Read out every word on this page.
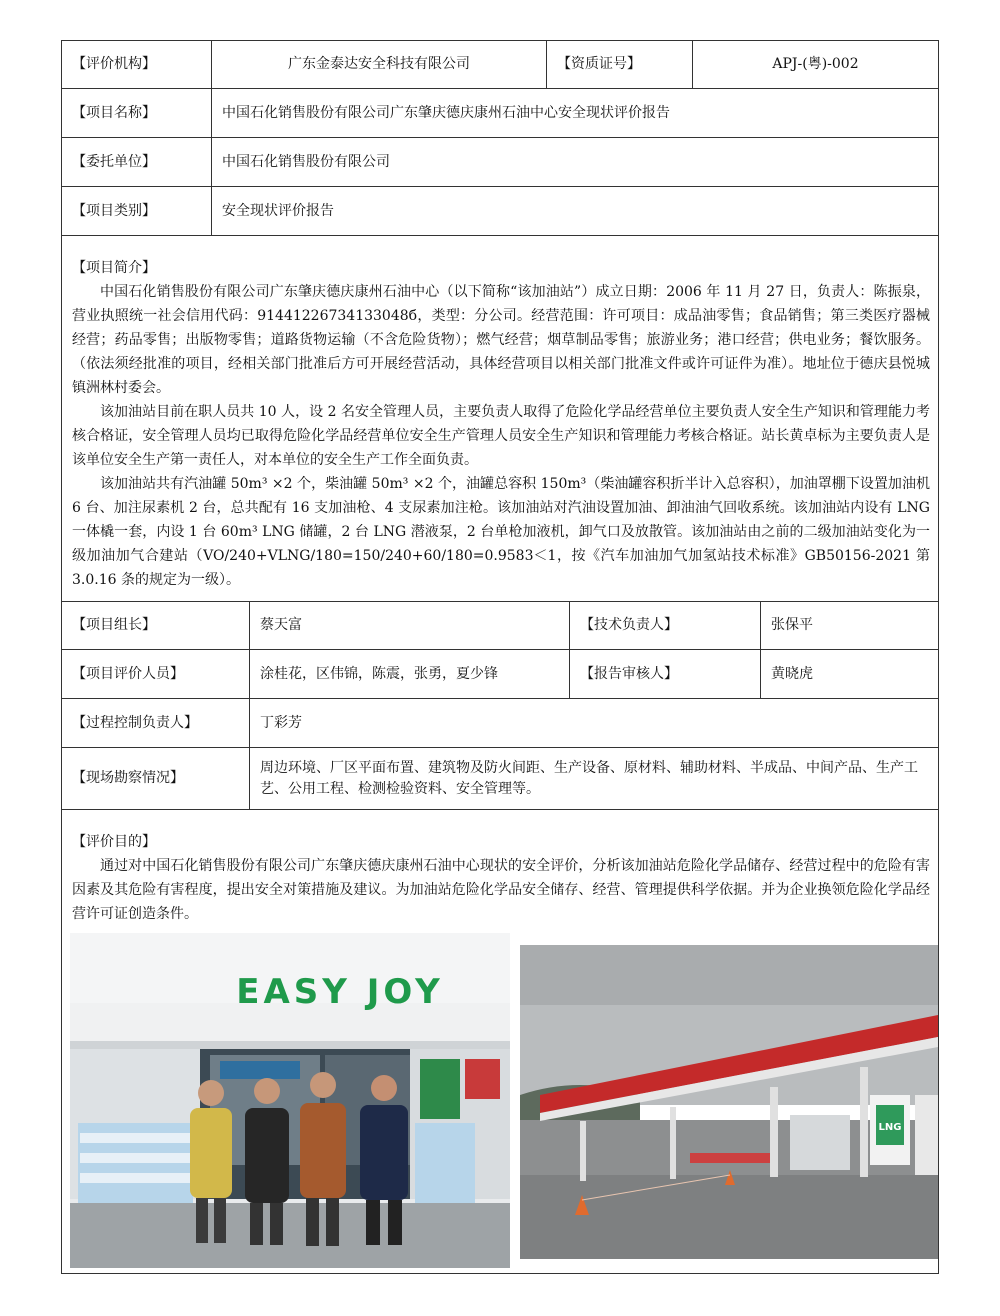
【评价机构】	广东金泰达安全科技有限公司	【资质证号】	APJ-(粤)-002
【项目名称】	中国石化销售股份有限公司广东肇庆德庆康州石油中心安全现状评价报告
【委托单位】	中国石化销售股份有限公司
【项目类别】	安全现状评价报告

【项目简介】

中国石化销售股份有限公司广东肇庆德庆康州石油中心（以下简称“该加油站”）成立日期：2006 年 11 月 27 日，负责人：陈振泉，营业执照统一社会信用代码：91441226734133048б，类型：分公司。经营范围：许可项目：成品油零售；食品销售；第三类医疗器械经营；药品零售；出版物零售；道路货物运输（不含危险货物）；燃气经营；烟草制品零售；旅游业务；港口经营；供电业务；餐饮服务。（依法须经批准的项目，经相关部门批准后方可开展经营活动，具体经营项目以相关部门批准文件或许可证件为准）。地址位于德庆县悦城镇洲林村委会。

该加油站目前在职人员共 10 人，设 2 名安全管理人员，主要负责人取得了危险化学品经营单位主要负责人安全生产知识和管理能力考核合格证，安全管理人员均已取得危险化学品经营单位安全生产管理人员安全生产知识和管理能力考核合格证。站长黄卓标为主要负责人是该单位安全生产第一责任人，对本单位的安全生产工作全面负责。

该加油站共有汽油罐 50m³ ×2 个，柴油罐 50m³ ×2 个，油罐总容积 150m³（柴油罐容积折半计入总容积），加油罩棚下设置加油机 6 台、加注尿素机 2 台，总共配有 16 支加油枪、4 支尿素加注枪。该加油站对汽油设置加油、卸油油气回收系统。该加油站内设有 LNG 一体橇一套，内设 1 台 60m³ LNG 储罐，2 台 LNG 潜液泵，2 台单枪加液机，卸气口及放散管。该加油站由之前的二级加油站变化为一级加油加气合建站（VO/240+VLNG/180=150/240+60/180=0.9583＜1，按《汽车加油加气加氢站技术标准》GB50156-2021 第 3.0.16 条的规定为一级）。

【项目组长】	蔡天富	【技术负责人】	张保平
【项目评价人员】	涂桂花，区伟锦，陈震，张勇，夏少锋	【报告审核人】	黄晓虎
【过程控制负责人】	丁彩芳
【现场勘察情况】
周边环境、厂区平面布置、建筑物及防火间距、生产设备、原材料、辅助材料、半成品、中间产品、生产工艺、公用工程、检测检验资料、安全管理等。

【评价目的】

通过对中国石化销售股份有限公司广东肇庆德庆康州石油中心现状的安全评价，分析该加油站危险化学品储存、经营过程中的危险有害因素及其危险有害程度，提出安全对策措施及建议。为加油站危险化学品安全储存、经营、管理提供科学依据。并为企业换领危险化学品经营许可证创造条件。

EASY JOY
LNG
